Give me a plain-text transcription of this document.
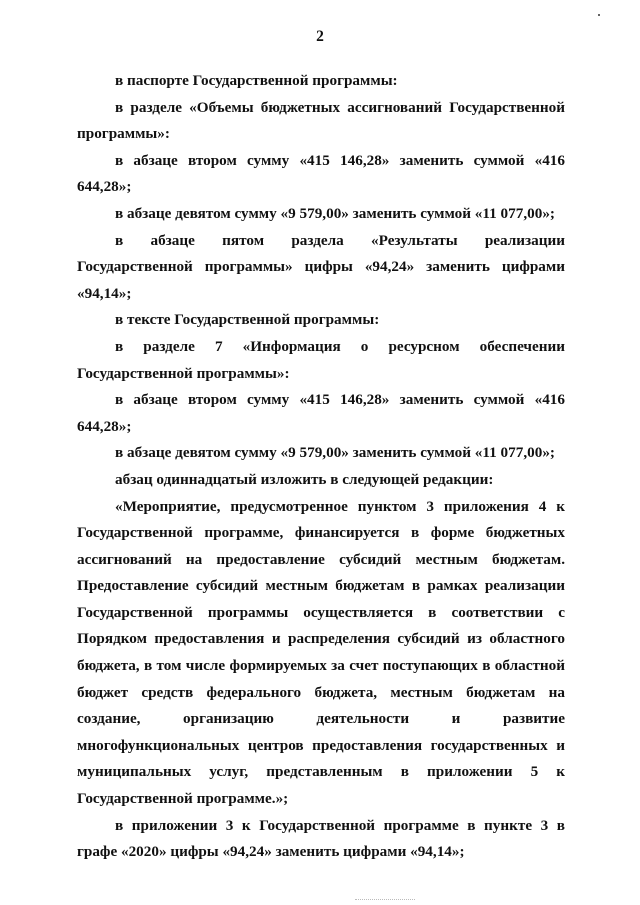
2

в паспорте Государственной программы:

в разделе «Объемы бюджетных ассигнований Государственной программы»:

в абзаце втором сумму «415 146,28» заменить суммой «416 644,28»;

в абзаце девятом сумму «9 579,00» заменить суммой «11 077,00»;

в абзаце пятом раздела «Результаты реализации Государственной программы» цифры «94,24» заменить цифрами «94,14»;

в тексте Государственной программы:

в разделе 7 «Информация о ресурсном обеспечении Государственной программы»:

в абзаце втором сумму «415 146,28» заменить суммой «416 644,28»;

в абзаце девятом сумму «9 579,00» заменить суммой «11 077,00»;

абзац одиннадцатый изложить в следующей редакции:

«Мероприятие, предусмотренное пунктом 3 приложения 4 к Государственной программе, финансируется в форме бюджетных ассигнований на предоставление субсидий местным бюджетам. Предоставление субсидий местным бюджетам в рамках реализации Государственной программы осуществляется в соответствии с Порядком предоставления и распределения субсидий из областного бюджета, в том числе формируемых за счет поступающих в областной бюджет средств федерального бюджета, местным бюджетам на создание, организацию деятельности и развитие многофункциональных центров предоставления государственных и муниципальных услуг, представленным в приложении 5 к Государственной программе.»;

в приложении 3 к Государственной программе в пункте 3 в графе «2020» цифры «94,24» заменить цифрами «94,14»;
